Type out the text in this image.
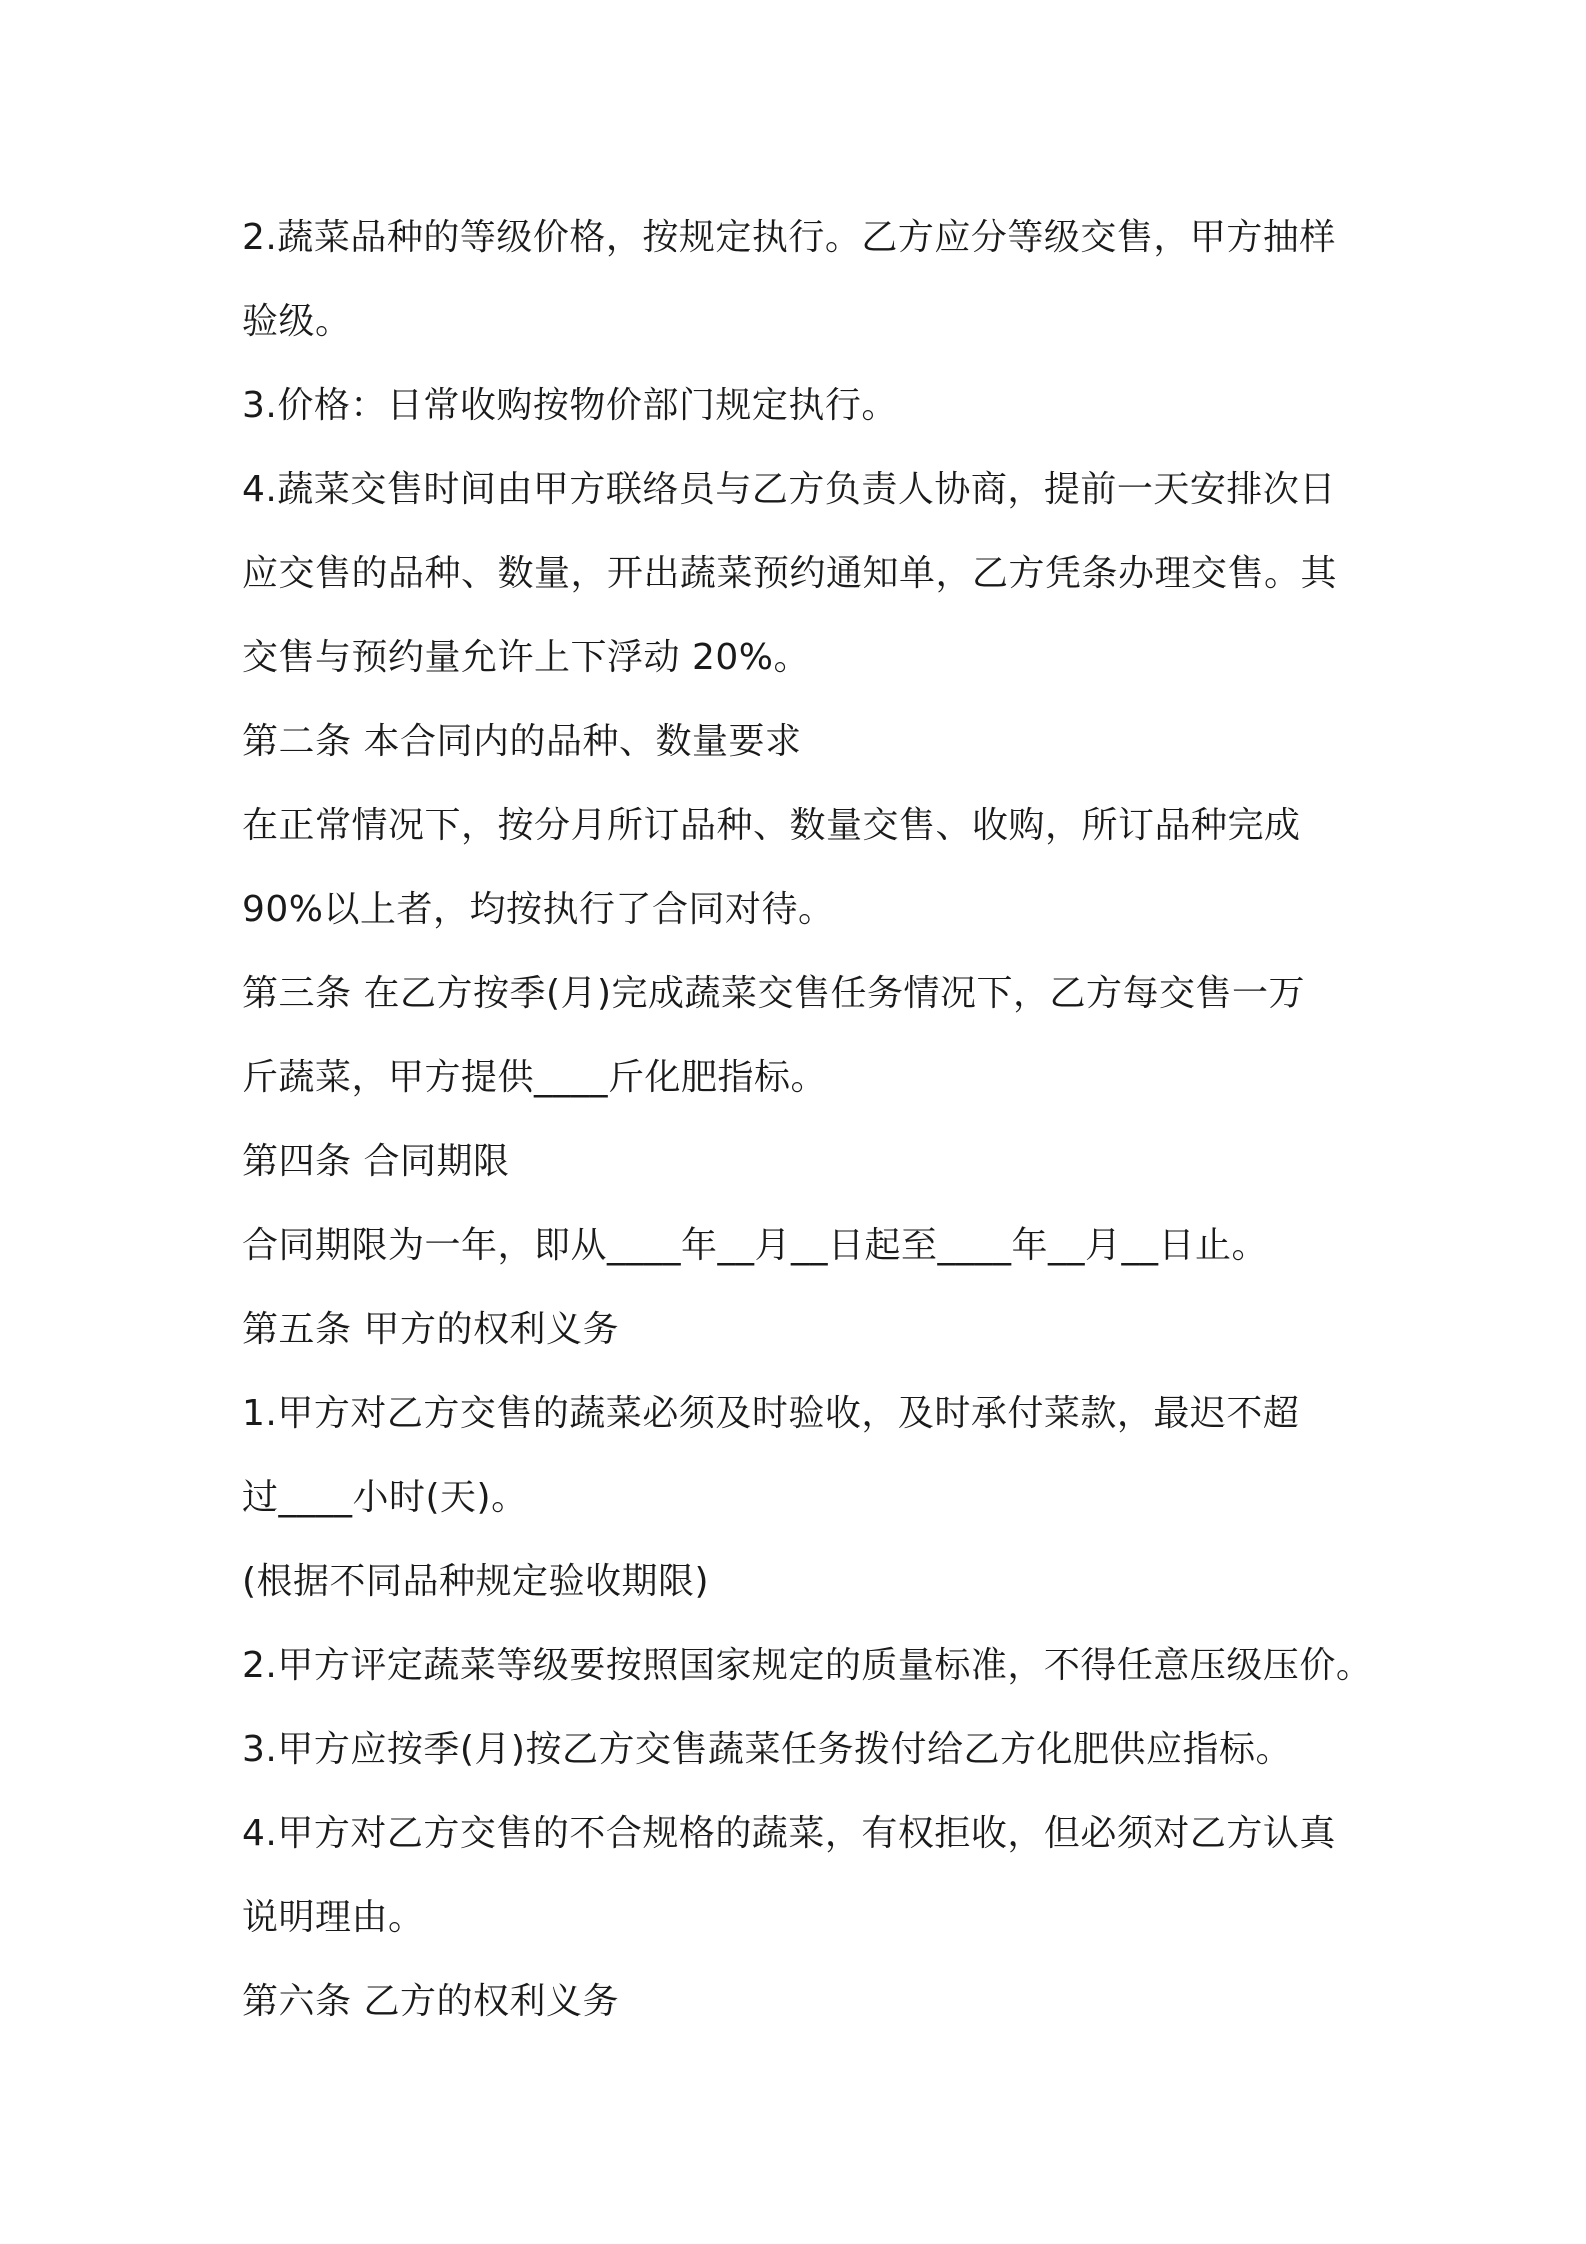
2.蔬菜品种的等级价格，按规定执行。乙方应分等级交售，甲方抽样
验级。
3.价格：日常收购按物价部门规定执行。
4.蔬菜交售时间由甲方联络员与乙方负责人协商，提前一天安排次日
应交售的品种、数量，开出蔬菜预约通知单，乙方凭条办理交售。其
交售与预约量允许上下浮动 20%。
第二条 本合同内的品种、数量要求
在正常情况下，按分月所订品种、数量交售、收购，所订品种完成
90%以上者，均按执行了合同对待。
第三条 在乙方按季(月)完成蔬菜交售任务情况下，乙方每交售一万
斤蔬菜，甲方提供____斤化肥指标。
第四条 合同期限
合同期限为一年，即从____年__月__日起至____年__月__日止。
第五条 甲方的权利义务
1.甲方对乙方交售的蔬菜必须及时验收，及时承付菜款，最迟不超
过____小时(天)。
(根据不同品种规定验收期限)
2.甲方评定蔬菜等级要按照国家规定的质量标准，不得任意压级压价。
3.甲方应按季(月)按乙方交售蔬菜任务拨付给乙方化肥供应指标。
4.甲方对乙方交售的不合规格的蔬菜，有权拒收，但必须对乙方认真
说明理由。
第六条 乙方的权利义务
